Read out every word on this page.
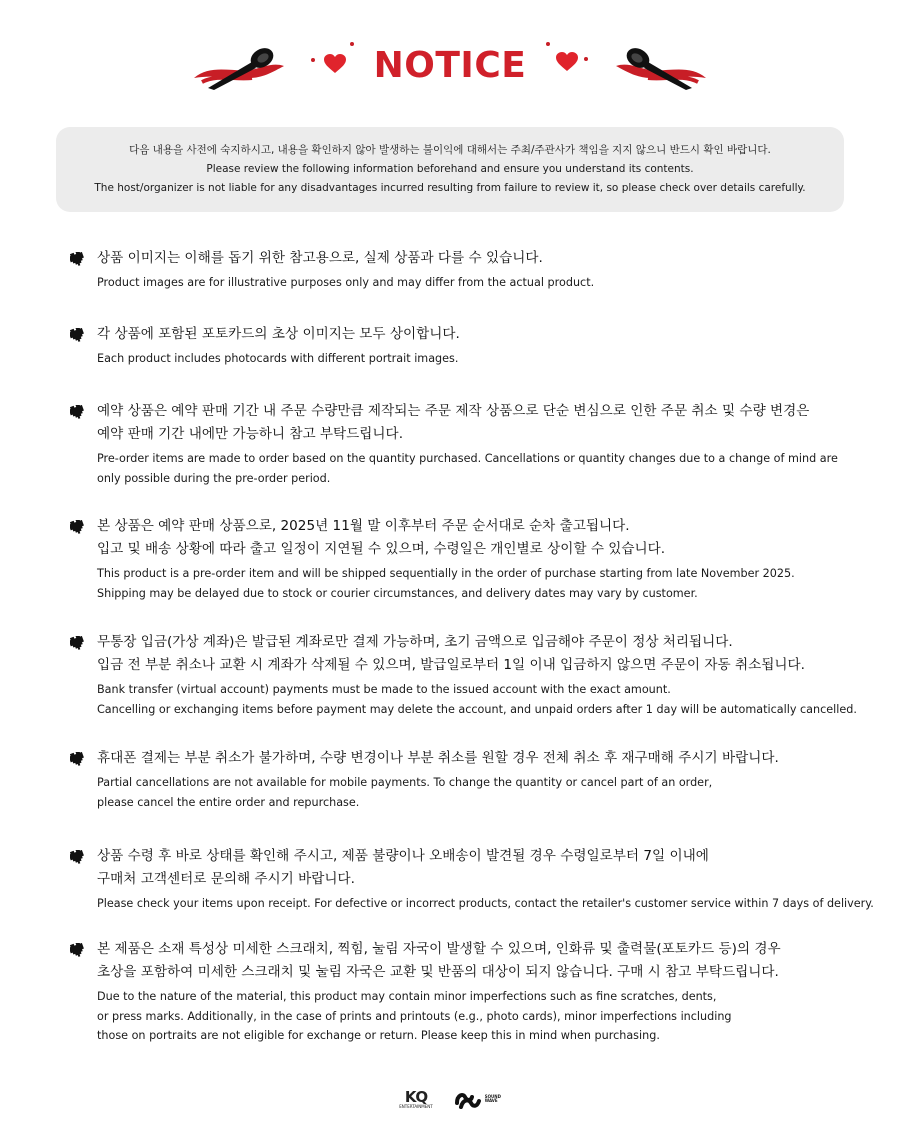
NOTICE
다음 내용을 사전에 숙지하시고, 내용을 확인하지 않아 발생하는 불이익에 대해서는 주최/주관사가 책임을 지지 않으니 반드시 확인 바랍니다.
Please review the following information beforehand and ensure you understand its contents.
The host/organizer is not liable for any disadvantages incurred resulting from failure to review it, so please check over details carefully.
상품 이미지는 이해를 돕기 위한 참고용으로, 실제 상품과 다를 수 있습니다.
Product images are for illustrative purposes only and may differ from the actual product.
각 상품에 포함된 포토카드의 초상 이미지는 모두 상이합니다.
Each product includes photocards with different portrait images.
예약 상품은 예약 판매 기간 내 주문 수량만큼 제작되는 주문 제작 상품으로 단순 변심으로 인한 주문 취소 및 수량 변경은
예약 판매 기간 내에만 가능하니 참고 부탁드립니다.
Pre-order items are made to order based on the quantity purchased. Cancellations or quantity changes due to a change of mind are
only possible during the pre-order period.
본 상품은 예약 판매 상품으로, 2025년 11월 말 이후부터 주문 순서대로 순차 출고됩니다.
입고 및 배송 상황에 따라 출고 일정이 지연될 수 있으며, 수령일은 개인별로 상이할 수 있습니다.
This product is a pre-order item and will be shipped sequentially in the order of purchase starting from late November 2025.
Shipping may be delayed due to stock or courier circumstances, and delivery dates may vary by customer.
무통장 입금(가상 계좌)은 발급된 계좌로만 결제 가능하며, 초기 금액으로 입금해야 주문이 정상 처리됩니다.
입금 전 부분 취소나 교환 시 계좌가 삭제될 수 있으며, 발급일로부터 1일 이내 입금하지 않으면 주문이 자동 취소됩니다.
Bank transfer (virtual account) payments must be made to the issued account with the exact amount.
Cancelling or exchanging items before payment may delete the account, and unpaid orders after 1 day will be automatically cancelled.
휴대폰 결제는 부분 취소가 불가하며, 수량 변경이나 부분 취소를 원할 경우 전체 취소 후 재구매해 주시기 바랍니다.
Partial cancellations are not available for mobile payments. To change the quantity or cancel part of an order,
please cancel the entire order and repurchase.
상품 수령 후 바로 상태를 확인해 주시고, 제품 불량이나 오배송이 발견될 경우 수령일로부터 7일 이내에
구매처 고객센터로 문의해 주시기 바랍니다.
Please check your items upon receipt. For defective or incorrect products, contact the retailer's customer service within 7 days of delivery.
본 제품은 소재 특성상 미세한 스크래치, 찍힘, 눌림 자국이 발생할 수 있으며, 인화류 및 출력물(포토카드 등)의 경우
초상을 포함하여 미세한 스크래치 및 눌림 자국은 교환 및 반품의 대상이 되지 않습니다. 구매 시 참고 부탁드립니다.
Due to the nature of the material, this product may contain minor imperfections such as fine scratches, dents,
or press marks. Additionally, in the case of prints and printouts (e.g., photo cards), minor imperfections including
those on portraits are not eligible for exchange or return. Please keep this in mind when purchasing.
KQ
ENTERTAINMENT
SOUND WAVE
